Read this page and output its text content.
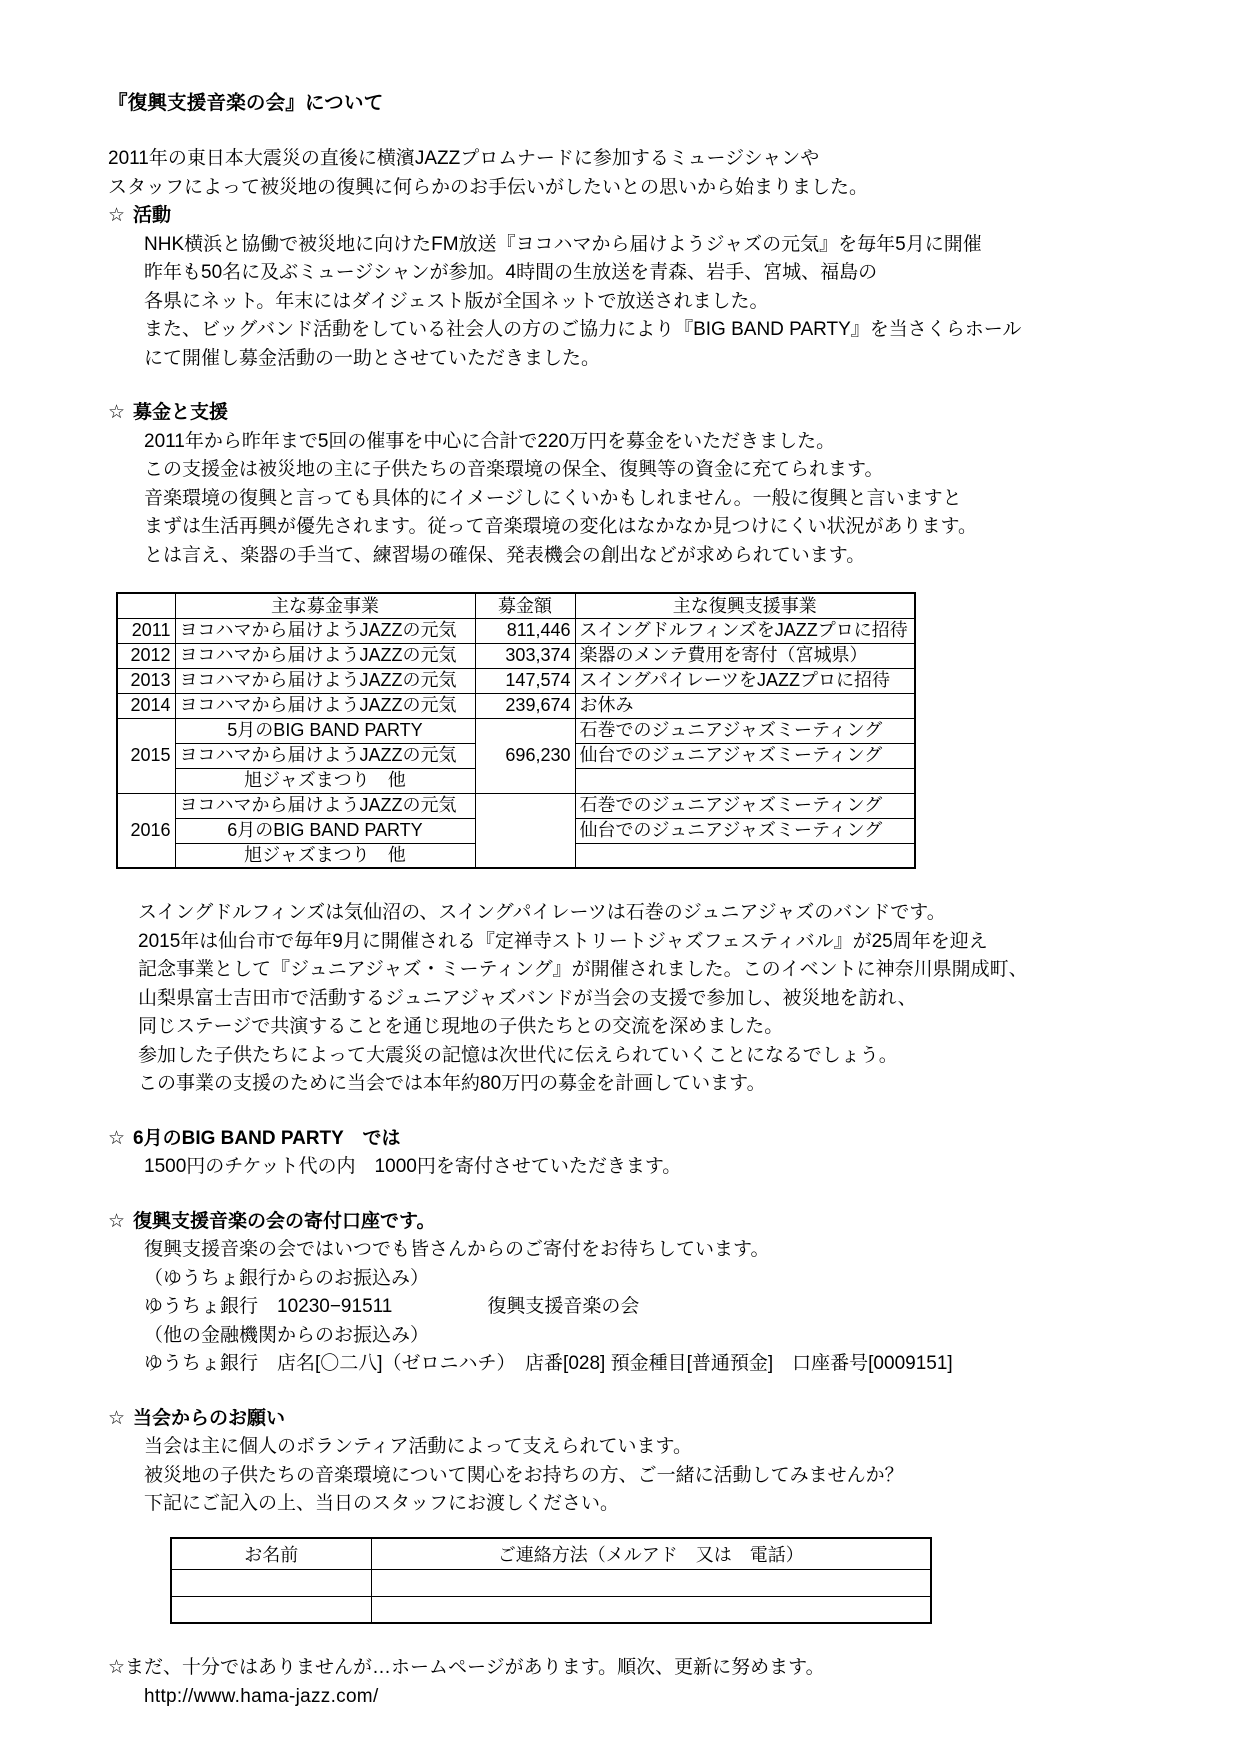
『復興支援音楽の会』について
2011年の東日本大震災の直後に横濱JAZZプロムナードに参加するミュージシャンや
スタッフによって被災地の復興に何らかのお手伝いがしたいとの思いから始まりました。
☆ 活動
NHK横浜と協働で被災地に向けたFM放送『ヨコハマから届けようジャズの元気』を毎年5月に開催
昨年も50名に及ぶミュージシャンが参加。4時間の生放送を青森、岩手、宮城、福島の
各県にネット。年末にはダイジェスト版が全国ネットで放送されました。
また、ビッグバンド活動をしている社会人の方のご協力により『BIG BAND PARTY』を当さくらホール
にて開催し募金活動の一助とさせていただきました。
☆ 募金と支援
2011年から昨年まで5回の催事を中心に合計で220万円を募金をいただきました。
この支援金は被災地の主に子供たちの音楽環境の保全、復興等の資金に充てられます。
音楽環境の復興と言っても具体的にイメージしにくいかもしれません。一般に復興と言いますと
まずは生活再興が優先されます。従って音楽環境の変化はなかなか見つけにくい状況があります。
とは言え、楽器の手当て、練習場の確保、発表機会の創出などが求められています。
	主な募金事業	募金額	主な復興支援事業
2011	ヨコハマから届けようJAZZの元気	811,446	スイングドルフィンズをJAZZプロに招待
2012	ヨコハマから届けようJAZZの元気	303,374	楽器のメンテ費用を寄付（宮城県）
2013	ヨコハマから届けようJAZZの元気	147,574	スイングパイレーツをJAZZプロに招待
2014	ヨコハマから届けようJAZZの元気	239,674	お休み
2015	5月のBIG BAND PARTY	696,230	石巻でのジュニアジャズミーティング
	ヨコハマから届けようJAZZの元気		仙台でのジュニアジャズミーティング
	旭ジャズまつり　他		
2016	ヨコハマから届けようJAZZの元気		石巻でのジュニアジャズミーティング
	6月のBIG BAND PARTY		仙台でのジュニアジャズミーティング
	旭ジャズまつり　他		
スイングドルフィンズは気仙沼の、スイングパイレーツは石巻のジュニアジャズのバンドです。
2015年は仙台市で毎年9月に開催される『定禅寺ストリートジャズフェスティバル』が25周年を迎え
記念事業として『ジュニアジャズ・ミーティング』が開催されました。このイベントに神奈川県開成町、
山梨県富士吉田市で活動するジュニアジャズバンドが当会の支援で参加し、被災地を訪れ、
同じステージで共演することを通じ現地の子供たちとの交流を深めました。
参加した子供たちによって大震災の記憶は次世代に伝えられていくことになるでしょう。
この事業の支援のために当会では本年約80万円の募金を計画しています。
☆ 6月のBIG BAND PARTY　では
1500円のチケット代の内　1000円を寄付させていただきます。
☆ 復興支援音楽の会の寄付口座です。
復興支援音楽の会ではいつでも皆さんからのご寄付をお待ちしています。
（ゆうちょ銀行からのお振込み）
ゆうちょ銀行　10230−91511　　　　　復興支援音楽の会
（他の金融機関からのお振込み）
ゆうちょ銀行　店名[〇二八]（ゼロニハチ）　店番[028] 預金種目[普通預金]　口座番号[0009151]
☆ 当会からのお願い
当会は主に個人のボランティア活動によって支えられています。
被災地の子供たちの音楽環境について関心をお持ちの方、ご一緒に活動してみませんか？
下記にご記入の上、当日のスタッフにお渡しください。
お名前	ご連絡方法（メルアド　又は　電話）

☆まだ、十分ではありませんが…ホームページがあります。順次、更新に努めます。
http://www.hama-jazz.com/
